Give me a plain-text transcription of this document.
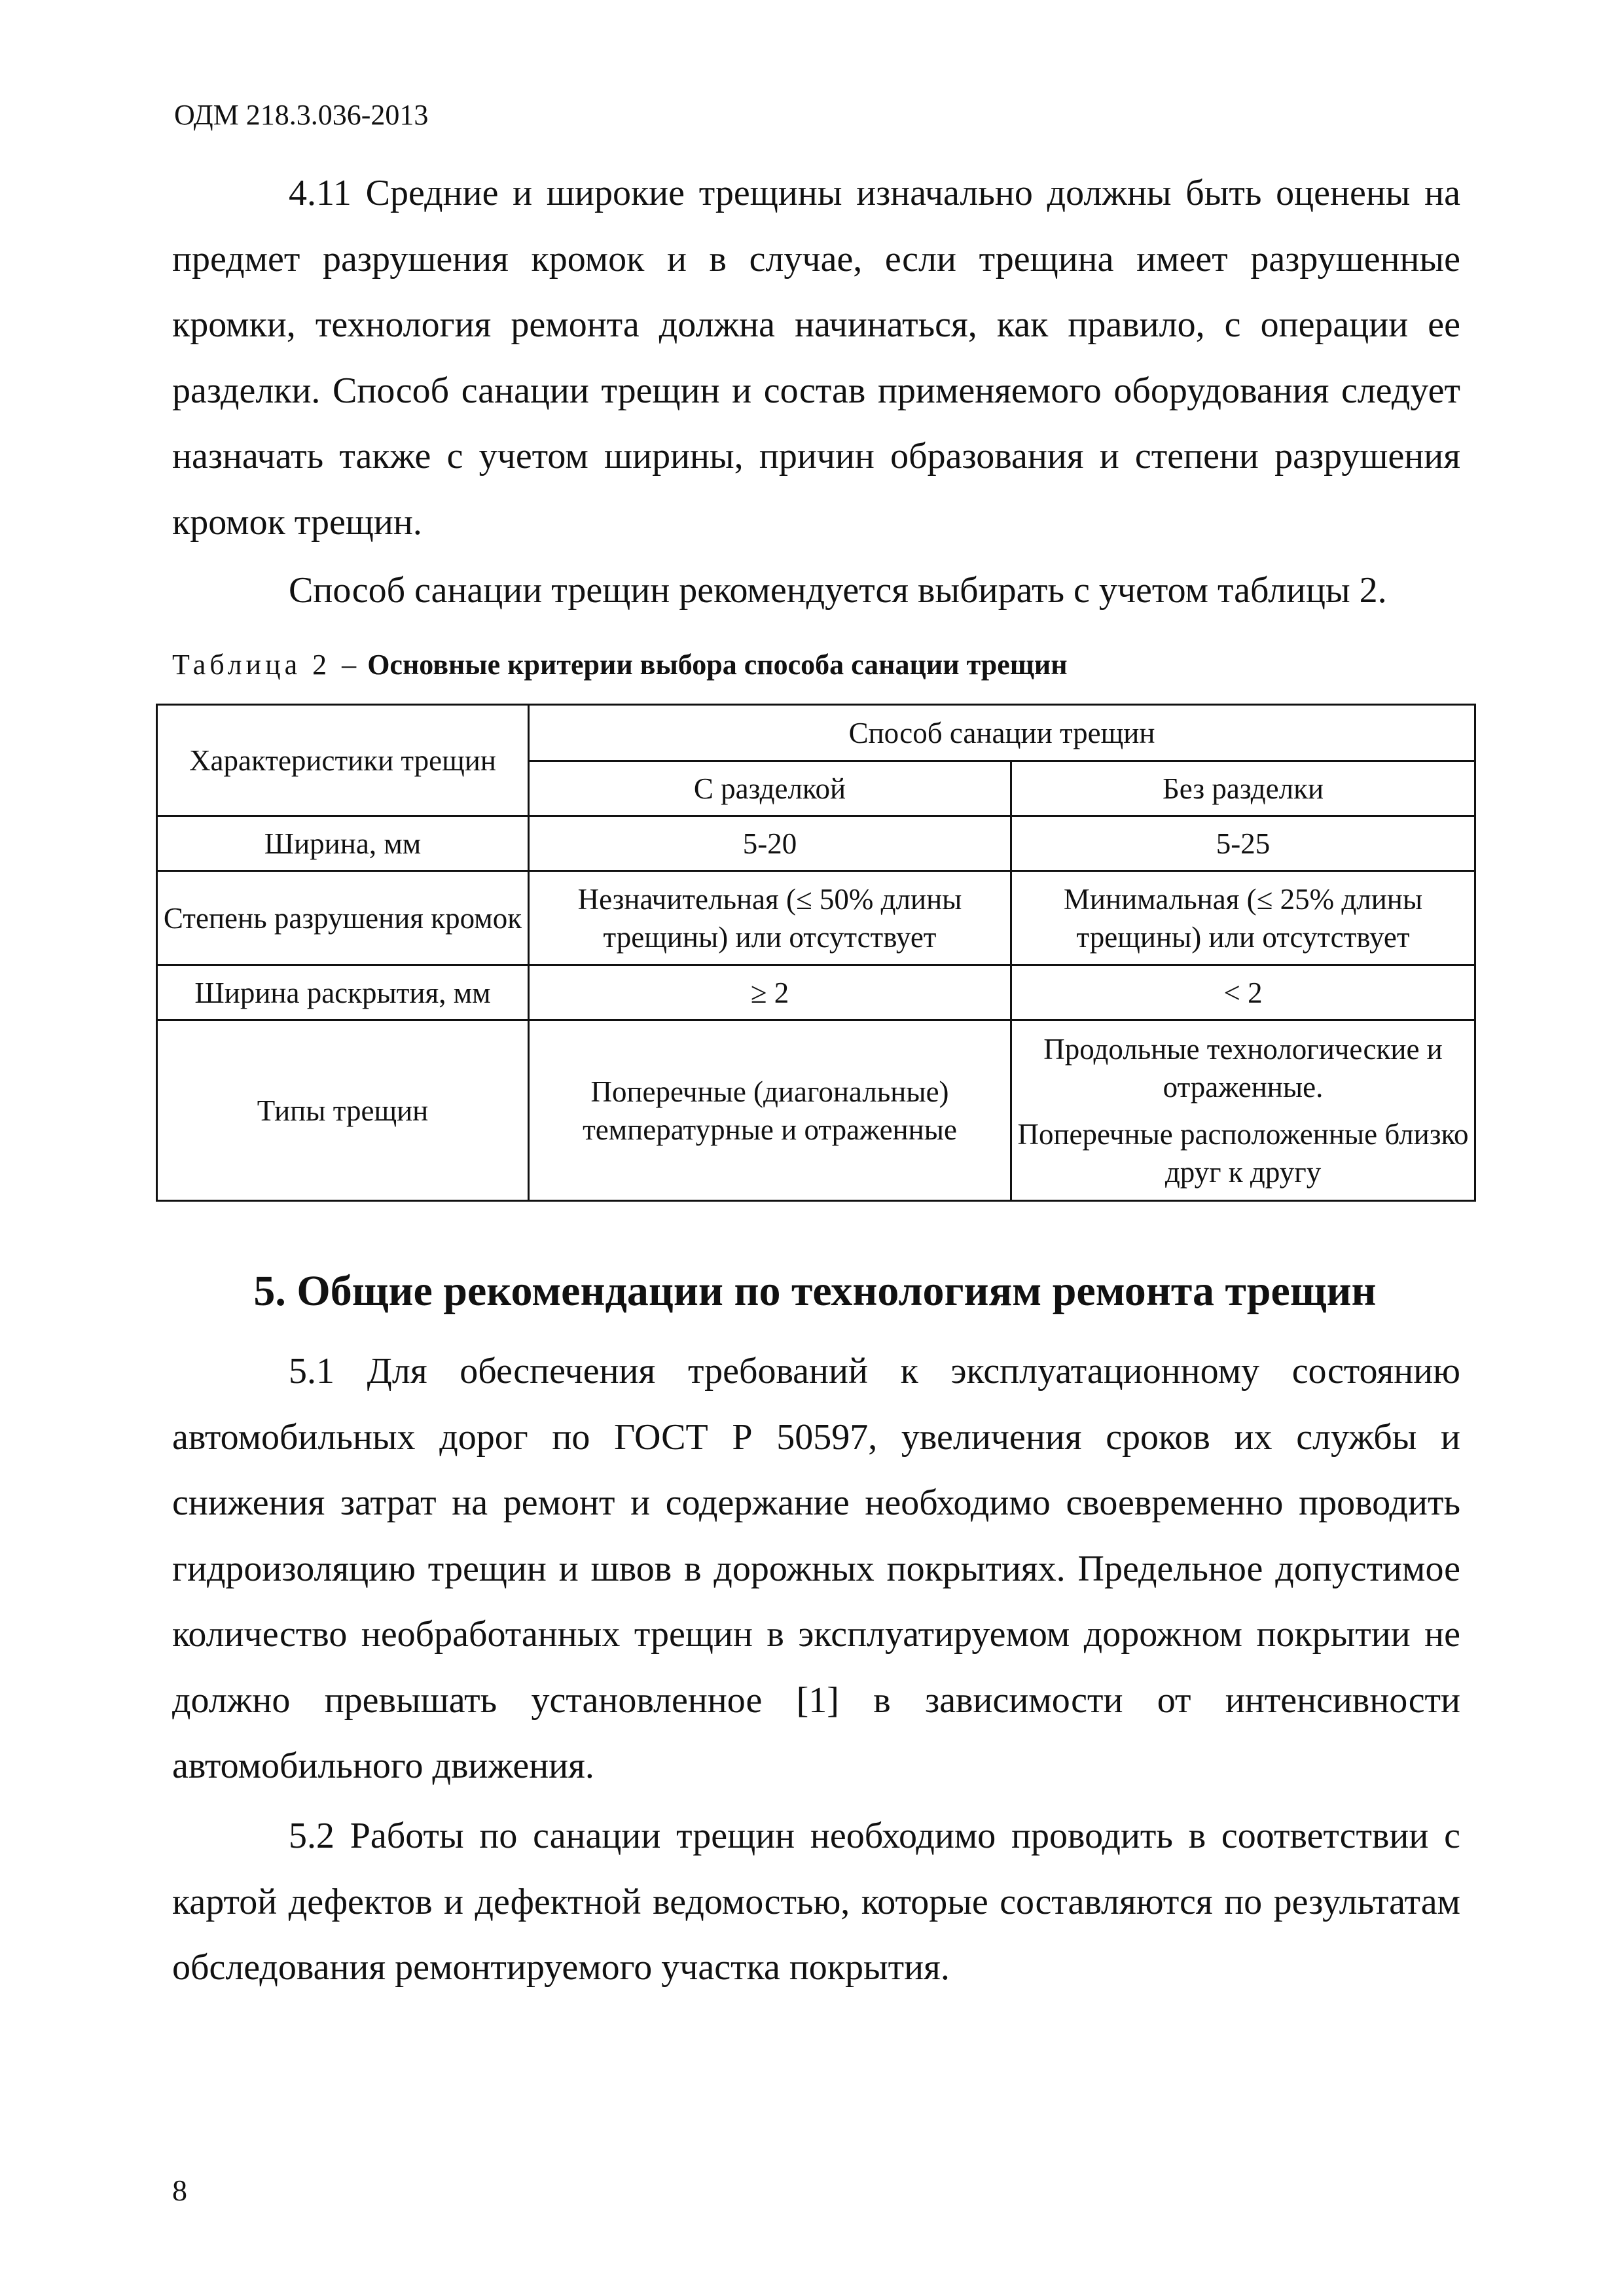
ОДМ 218.3.036-2013

4.11 Средние и широкие трещины изначально должны быть оценены на предмет разрушения кромок и в случае, если трещина имеет разрушенные кромки, технология ремонта должна начинаться, как правило, с операции ее разделки. Способ санации трещин и состав применяемого оборудования следует назначать также с учетом ширины, причин образования и степени разрушения кромок трещин.

Способ санации трещин рекомендуется выбирать с учетом таблицы 2.

Таблица 2 – Основные критерии выбора способа санации трещин
Характеристики трещин	Способ санации трещин	
	С разделкой	Без разделки
Ширина, мм	5-20	5-25
Степень разрушения кромок	Незначительная (≤ 50% длины трещины) или отсутствует	Минимальная (≤ 25% длины трещины) или отсутствует
Ширина раскрытия, мм	≥ 2	< 2
Типы трещин	Поперечные (диагональные) температурные и отраженные	Продольные технологические и отраженные.
Поперечные расположенные близко друг к другу
5. Общие рекомендации по технологиям ремонта трещин

5.1 Для обеспечения требований к эксплуатационному состоянию автомобильных дорог по ГОСТ Р 50597, увеличения сроков их службы и снижения затрат на ремонт и содержание необходимо своевременно проводить гидроизоляцию трещин и швов в дорожных покрытиях. Предельное допустимое количество необработанных трещин в эксплуатируемом дорожном покрытии не должно превышать установленное [1] в зависимости от интенсивности автомобильного движения.

5.2 Работы по санации трещин необходимо проводить в соответствии с картой дефектов и дефектной ведомостью, которые составляются по результатам обследования ремонтируемого участка покрытия.

8
